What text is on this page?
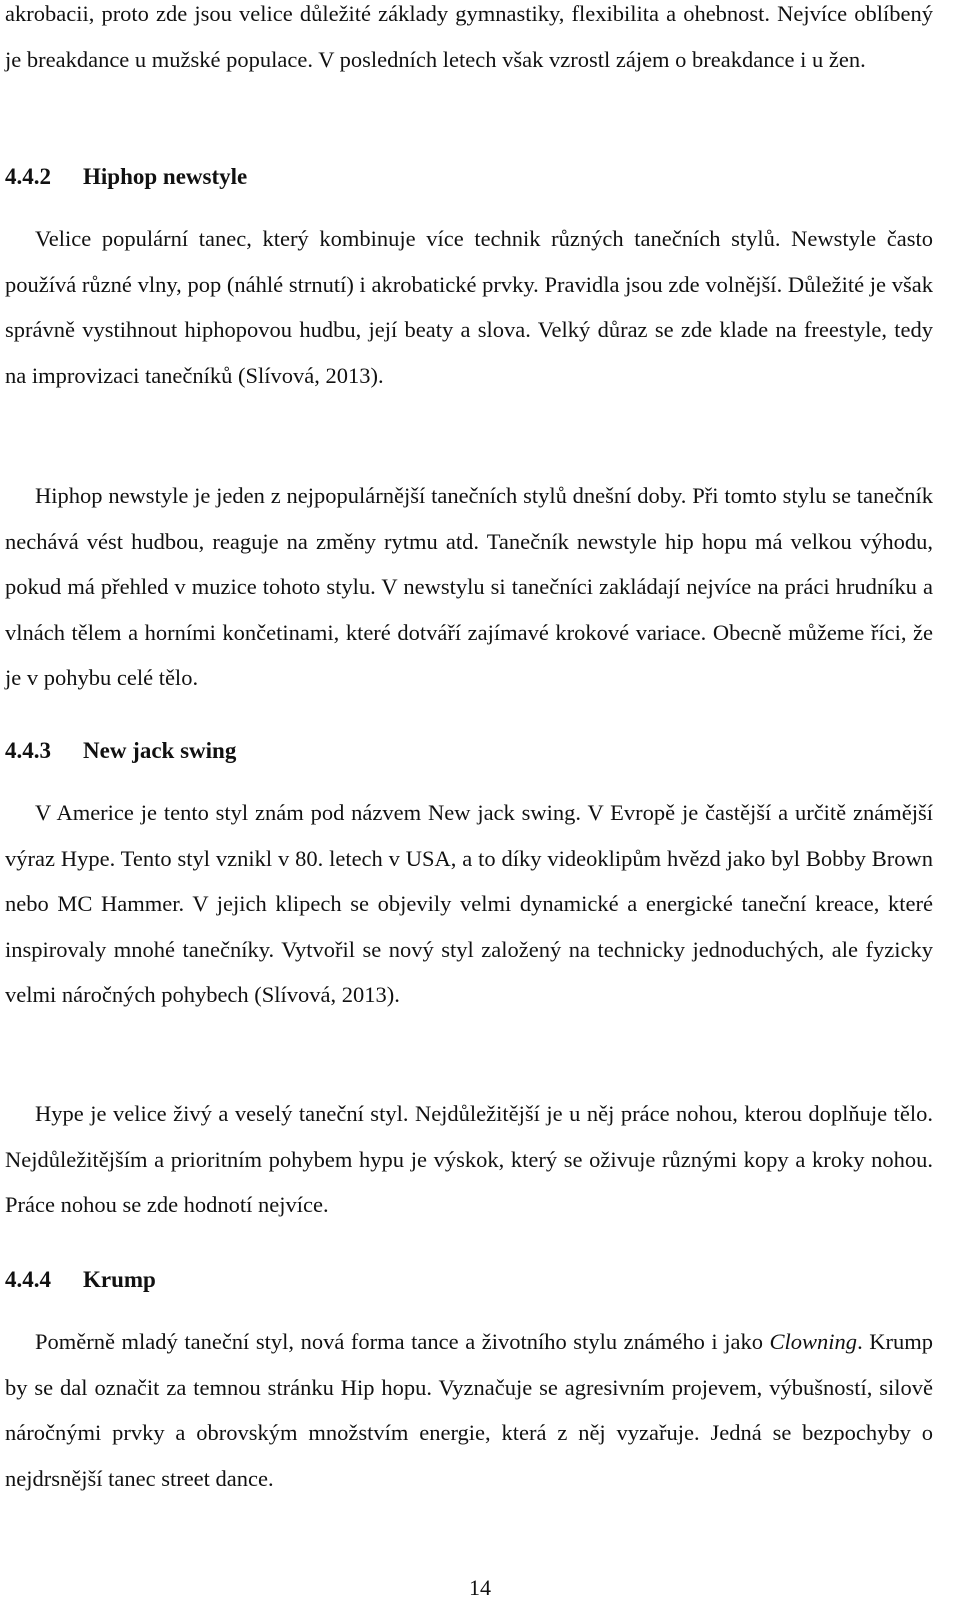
akrobacii, proto zde jsou velice důležité základy gymnastiky, flexibilita a ohebnost. Nejvíce oblíbený je breakdance u mužské populace. V posledních letech však vzrostl zájem o breakdance i u žen.

4.4.2 Hiphop newstyle

Velice populární tanec, který kombinuje více technik různých tanečních stylů. Newstyle často používá různé vlny, pop (náhlé strnutí) i akrobatické prvky. Pravidla jsou zde volnější. Důležité je však správně vystihnout hiphopovou hudbu, její beaty a slova. Velký důraz se zde klade na freestyle, tedy na improvizaci tanečníků (Slívová, 2013).

Hiphop newstyle je jeden z nejpopulárnější tanečních stylů dnešní doby. Při tomto stylu se tanečník nechává vést hudbou, reaguje na změny rytmu atd. Tanečník newstyle hip hopu má velkou výhodu, pokud má přehled v muzice tohoto stylu. V newstylu si tanečníci zakládají nejvíce na práci hrudníku a vlnách tělem a horními končetinami, které dotváří zajímavé krokové variace. Obecně můžeme říci, že je v pohybu celé tělo.

4.4.3 New jack swing

V Americe je tento styl znám pod názvem New jack swing. V Evropě je častější a určitě známější výraz Hype. Tento styl vznikl v 80. letech v USA, a to díky videoklipům hvězd jako byl Bobby Brown nebo MC Hammer. V jejich klipech se objevily velmi dynamické a energické taneční kreace, které inspirovaly mnohé tanečníky. Vytvořil se nový styl založený na technicky jednoduchých, ale fyzicky velmi náročných pohybech (Slívová, 2013).

Hype je velice živý a veselý taneční styl. Nejdůležitější je u něj práce nohou, kterou doplňuje tělo. Nejdůležitějším a prioritním pohybem hypu je výskok, který se oživuje různými kopy a kroky nohou. Práce nohou se zde hodnotí nejvíce.

4.4.4 Krump

Poměrně mladý taneční styl, nová forma tance a životního stylu známého i jako Clowning. Krump by se dal označit za temnou stránku Hip hopu. Vyznačuje se agresivním projevem, výbušností, silově náročnými prvky a obrovským množstvím energie, která z něj vyzařuje. Jedná se bezpochyby o nejdrsnější tanec street dance.

14
